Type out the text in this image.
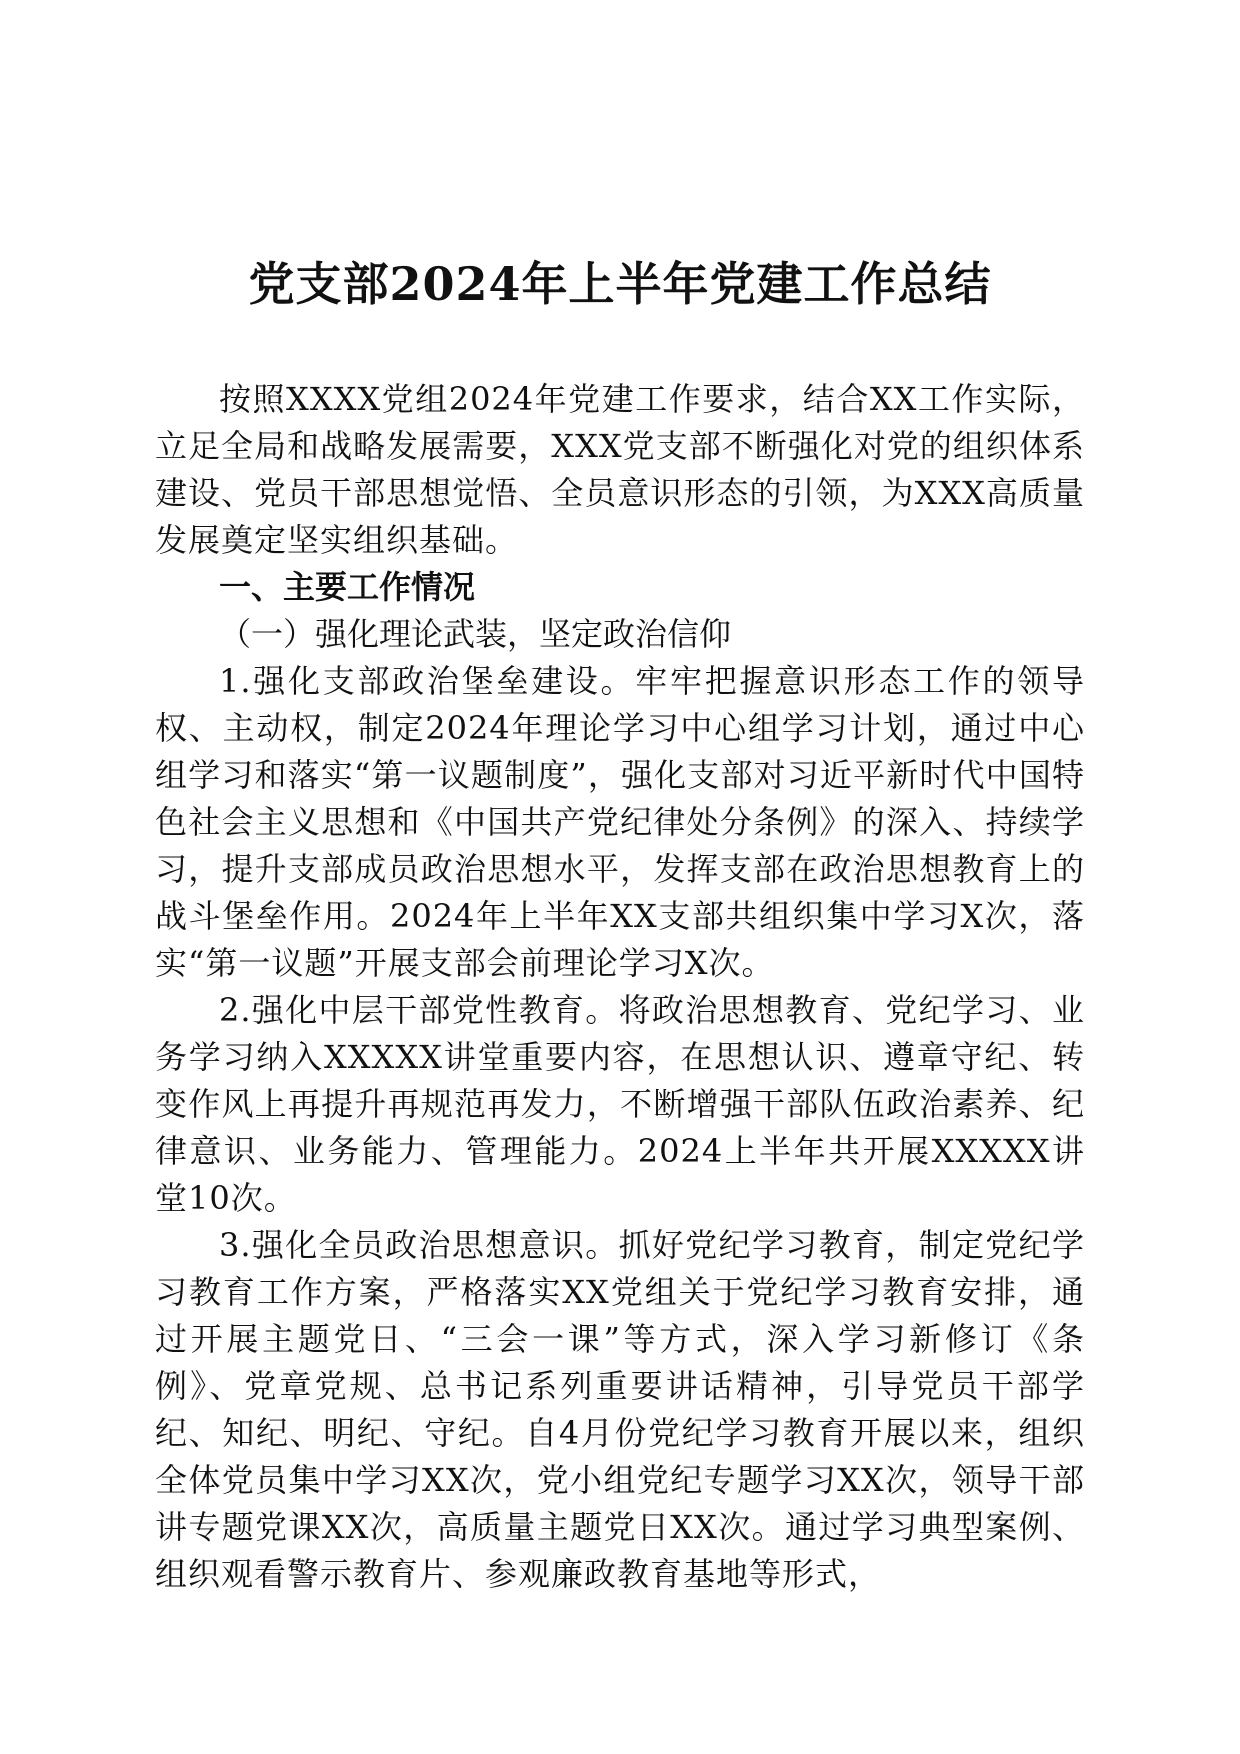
党支部2024年上半年党建工作总结

按照XXXX党组2024年党建工作要求，结合XX工作实际，立足全局和战略发展需要，XXX党支部不断强化对党的组织体系建设、党员干部思想觉悟、全员意识形态的引领，为XXX高质量发展奠定坚实组织基础。

一、主要工作情况

（一）强化理论武装，坚定政治信仰

1.强化支部政治堡垒建设。牢牢把握意识形态工作的领导权、主动权，制定2024年理论学习中心组学习计划，通过中心组学习和落实“第一议题制度”，强化支部对习近平新时代中国特色社会主义思想和《中国共产党纪律处分条例》的深入、持续学习，提升支部成员政治思想水平，发挥支部在政治思想教育上的战斗堡垒作用。2024年上半年XX支部共组织集中学习X次，落实“第一议题”开展支部会前理论学习X次。

2.强化中层干部党性教育。将政治思想教育、党纪学习、业务学习纳入XXXXX讲堂重要内容，在思想认识、遵章守纪、转变作风上再提升再规范再发力，不断增强干部队伍政治素养、纪律意识、业务能力、管理能力。2024上半年共开展XXXXX讲堂10次。

3.强化全员政治思想意识。抓好党纪学习教育，制定党纪学习教育工作方案，严格落实XX党组关于党纪学习教育安排，通过开展主题党日、“三会一课”等方式，深入学习新修订《条例》、党章党规、总书记系列重要讲话精神，引导党员干部学纪、知纪、明纪、守纪。自4月份党纪学习教育开展以来，组织全体党员集中学习XX次，党小组党纪专题学习XX次，领导干部讲专题党课XX次，高质量主题党日XX次。通过学习典型案例、组织观看警示教育片、参观廉政教育基地等形式，
